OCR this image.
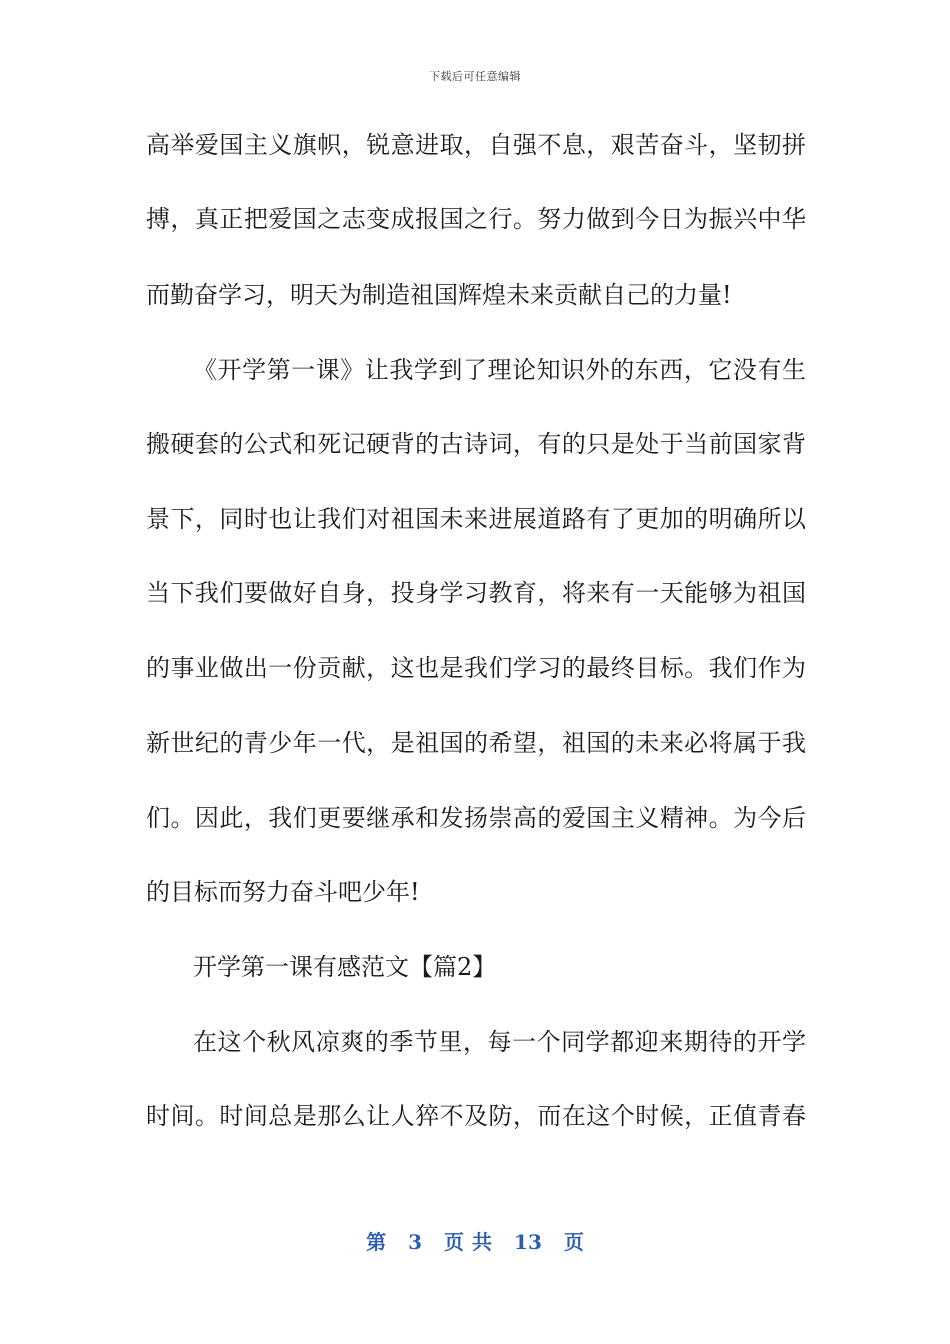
下载后可任意编辑
高举爱国主义旗帜，锐意进取，自强不息，艰苦奋斗，坚韧拼
搏，真正把爱国之志变成报国之行。努力做到今日为振兴中华
而勤奋学习，明天为制造祖国辉煌未来贡献自己的力量!
《开学第一课》让我学到了理论知识外的东西，它没有生
搬硬套的公式和死记硬背的古诗词，有的只是处于当前国家背
景下，同时也让我们对祖国未来进展道路有了更加的明确所以
当下我们要做好自身，投身学习教育，将来有一天能够为祖国
的事业做出一份贡献，这也是我们学习的最终目标。我们作为
新世纪的青少年一代，是祖国的希望，祖国的未来必将属于我
们。因此，我们更要继承和发扬崇高的爱国主义精神。为今后
的目标而努力奋斗吧少年!
开学第一课有感范文【篇2】
在这个秋风凉爽的季节里，每一个同学都迎来期待的开学
时间。时间总是那么让人猝不及防，而在这个时候，正值青春
第 3 页 共 13 页
